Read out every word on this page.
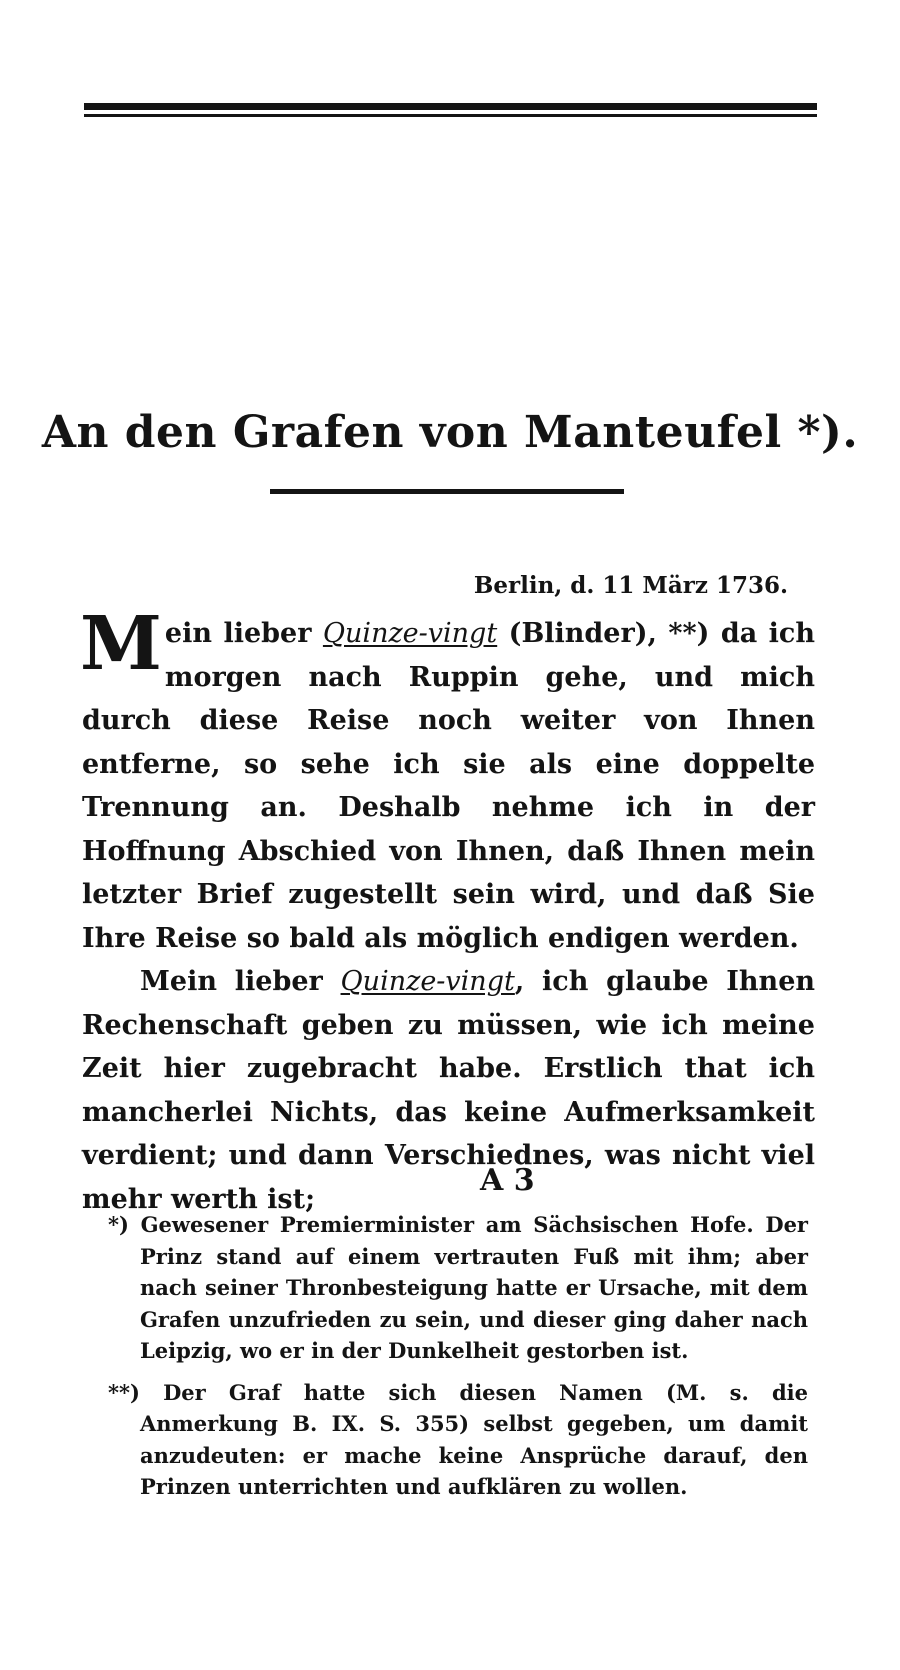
An den Grafen von Manteufel *).
Berlin, d. 11 März 1736.

Mein lieber Quinze-vingt (Blinder), **) da ich morgen nach Ruppin gehe, und mich durch diese Reise noch weiter von Ihnen entferne, so sehe ich sie als eine doppelte Trennung an. Deshalb nehme ich in der Hoffnung Abschied von Ihnen, daß Ihnen mein letzter Brief zugestellt sein wird, und daß Sie Ihre Reise so bald als möglich endigen werden.

Mein lieber Quinze-vingt, ich glaube Ihnen Rechenschaft geben zu müssen, wie ich meine Zeit hier zugebracht habe. Erstlich that ich mancherlei Nichts, das keine Aufmerksamkeit verdient; und dann Verschiednes, was nicht viel mehr werth ist;

A 3

*) Gewesener Premierminister am Sächsischen Hofe. Der Prinz stand auf einem vertrauten Fuß mit ihm; aber nach seiner Thronbesteigung hatte er Ursache, mit dem Grafen unzufrieden zu sein, und dieser ging daher nach Leipzig, wo er in der Dunkelheit gestorben ist.

**) Der Graf hatte sich diesen Namen (M. s. die Anmerkung B. IX. S. 355) selbst gegeben, um damit anzudeuten: er mache keine Ansprüche darauf, den Prinzen unterrichten und aufklären zu wollen.
